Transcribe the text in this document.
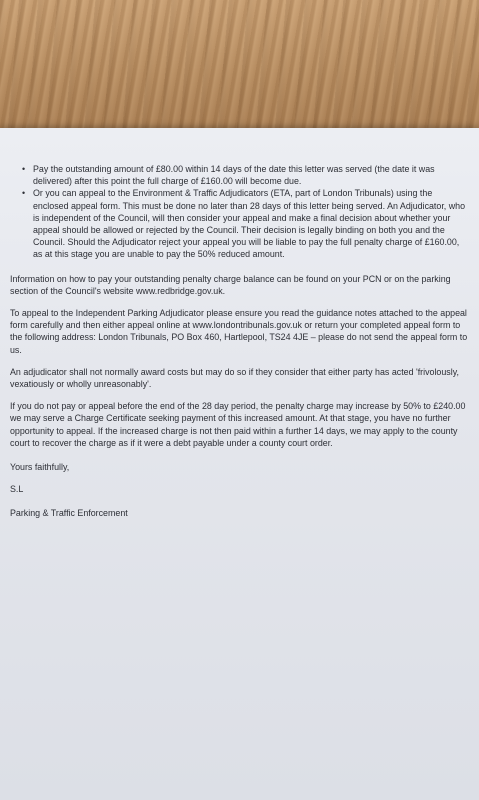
• Pay the outstanding amount of £80.00 within 14 days of the date this letter was served (the date it was delivered) after this point the full charge of £160.00 will become due.
• Or you can appeal to the Environment & Traffic Adjudicators (ETA, part of London Tribunals) using the enclosed appeal form. This must be done no later than 28 days of this letter being served. An Adjudicator, who is independent of the Council, will then consider your appeal and make a final decision about whether your appeal should be allowed or rejected by the Council. Their decision is legally binding on both you and the Council. Should the Adjudicator reject your appeal you will be liable to pay the full penalty charge of £160.00, as at this stage you are unable to pay the 50% reduced amount.

Information on how to pay your outstanding penalty charge balance can be found on your PCN or on the parking section of the Council's website www.redbridge.gov.uk.

To appeal to the Independent Parking Adjudicator please ensure you read the guidance notes attached to the appeal form carefully and then either appeal online at www.londontribunals.gov.uk or return your completed appeal form to the following address: London Tribunals, PO Box 460, Hartlepool, TS24 4JE – please do not send the appeal form to us.

An adjudicator shall not normally award costs but may do so if they consider that either party has acted 'frivolously, vexatiously or wholly unreasonably'.

If you do not pay or appeal before the end of the 28 day period, the penalty charge may increase by 50% to £240.00 we may serve a Charge Certificate seeking payment of this increased amount. At that stage, you have no further opportunity to appeal. If the increased charge is not then paid within a further 14 days, we may apply to the county court to recover the charge as if it were a debt payable under a county court order.

Yours faithfully,

S.L

Parking & Traffic Enforcement
